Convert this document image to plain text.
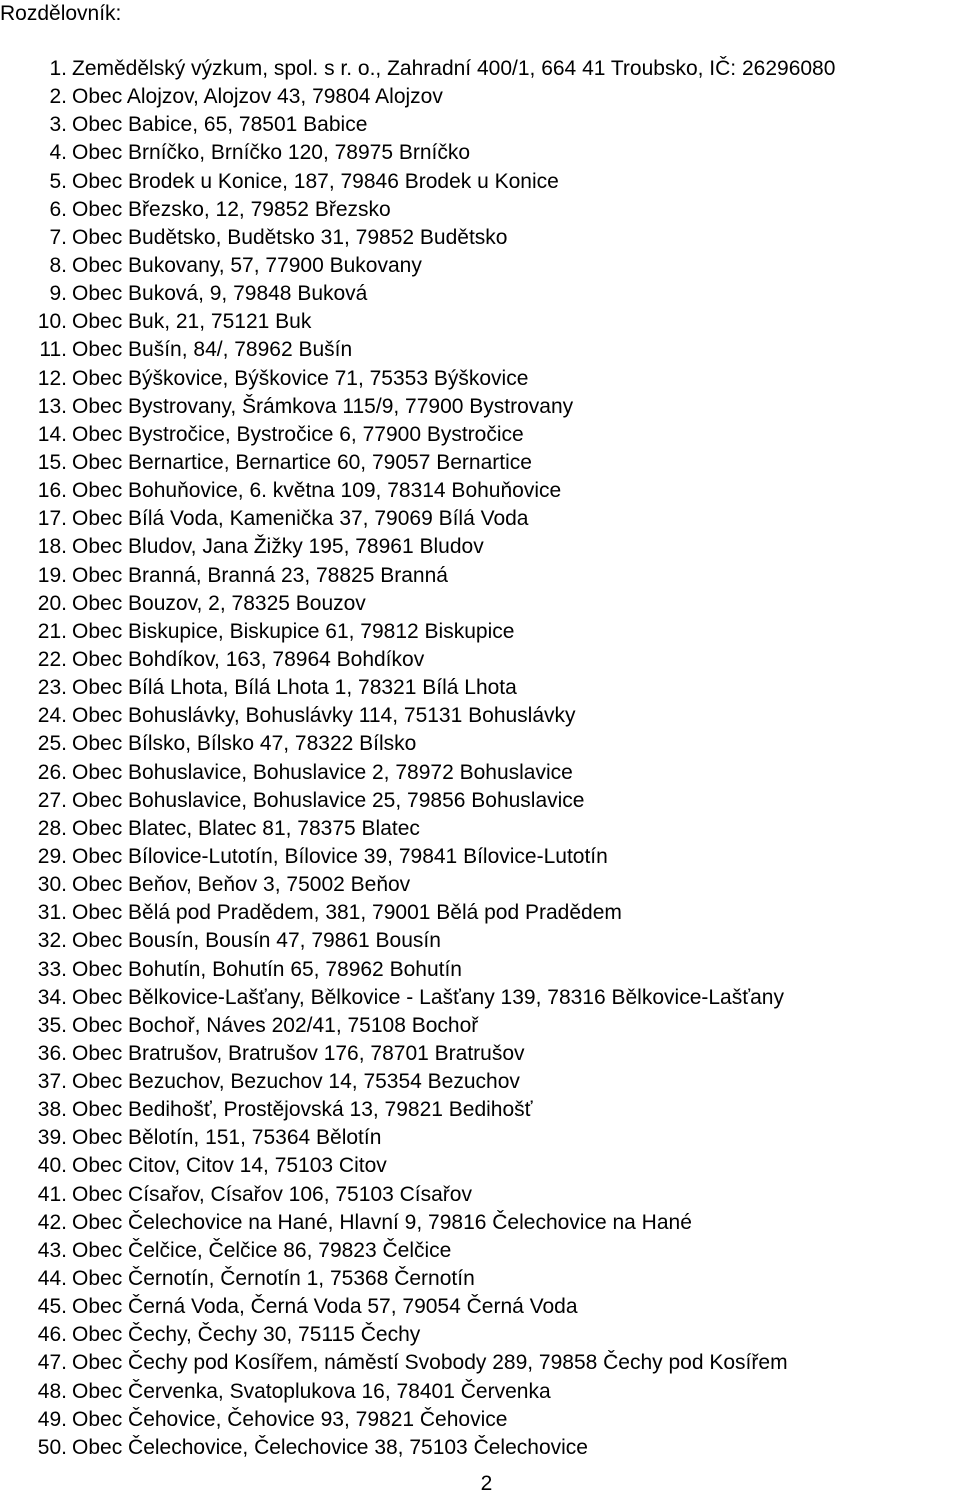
Rozdělovník:
1. Zemědělský výzkum, spol. s r. o., Zahradní 400/1, 664 41 Troubsko, IČ: 26296080
2. Obec Alojzov, Alojzov 43, 79804 Alojzov
3. Obec Babice, 65, 78501 Babice
4. Obec Brníčko, Brníčko 120, 78975 Brníčko
5. Obec Brodek u Konice, 187, 79846 Brodek u Konice
6. Obec Březsko, 12, 79852 Březsko
7. Obec Budětsko, Budětsko 31, 79852 Budětsko
8. Obec Bukovany, 57, 77900 Bukovany
9. Obec Buková, 9, 79848 Buková
10. Obec Buk, 21, 75121 Buk
11. Obec Bušín, 84/, 78962 Bušín
12. Obec Býškovice, Býškovice 71, 75353 Býškovice
13. Obec Bystrovany, Šrámkova 115/9, 77900 Bystrovany
14. Obec Bystročice, Bystročice 6, 77900 Bystročice
15. Obec Bernartice, Bernartice 60, 79057 Bernartice
16. Obec Bohuňovice, 6. května 109, 78314 Bohuňovice
17. Obec Bílá Voda, Kamenička 37, 79069 Bílá Voda
18. Obec Bludov, Jana Žižky 195, 78961 Bludov
19. Obec Branná, Branná 23, 78825 Branná
20. Obec Bouzov, 2, 78325 Bouzov
21. Obec Biskupice, Biskupice 61, 79812 Biskupice
22. Obec Bohdíkov, 163, 78964 Bohdíkov
23. Obec Bílá Lhota, Bílá Lhota 1, 78321 Bílá Lhota
24. Obec Bohuslávky, Bohuslávky 114, 75131 Bohuslávky
25. Obec Bílsko, Bílsko 47, 78322 Bílsko
26. Obec Bohuslavice, Bohuslavice 2, 78972 Bohuslavice
27. Obec Bohuslavice, Bohuslavice 25, 79856 Bohuslavice
28. Obec Blatec, Blatec 81, 78375 Blatec
29. Obec Bílovice-Lutotín, Bílovice 39, 79841 Bílovice-Lutotín
30. Obec Beňov, Beňov 3, 75002 Beňov
31. Obec Bělá pod Pradědem, 381, 79001 Bělá pod Pradědem
32. Obec Bousín, Bousín 47, 79861 Bousín
33. Obec Bohutín, Bohutín 65, 78962 Bohutín
34. Obec Bělkovice-Lašťany, Bělkovice - Lašťany 139, 78316 Bělkovice-Lašťany
35. Obec Bochoř, Náves 202/41, 75108 Bochoř
36. Obec Bratrušov, Bratrušov 176, 78701 Bratrušov
37. Obec Bezuchov, Bezuchov 14, 75354 Bezuchov
38. Obec Bedihošť, Prostějovská 13, 79821 Bedihošť
39. Obec Bělotín, 151, 75364 Bělotín
40. Obec Citov, Citov 14, 75103 Citov
41. Obec Císařov, Císařov 106, 75103 Císařov
42. Obec Čelechovice na Hané, Hlavní 9, 79816 Čelechovice na Hané
43. Obec Čelčice, Čelčice 86, 79823 Čelčice
44. Obec Černotín, Černotín 1, 75368 Černotín
45. Obec Černá Voda, Černá Voda 57, 79054 Černá Voda
46. Obec Čechy, Čechy 30, 75115 Čechy
47. Obec Čechy pod Kosířem, náměstí Svobody 289, 79858 Čechy pod Kosířem
48. Obec Červenka, Svatoplukova 16, 78401 Červenka
49. Obec Čehovice, Čehovice 93, 79821 Čehovice
50. Obec Čelechovice, Čelechovice 38, 75103 Čelechovice
2
